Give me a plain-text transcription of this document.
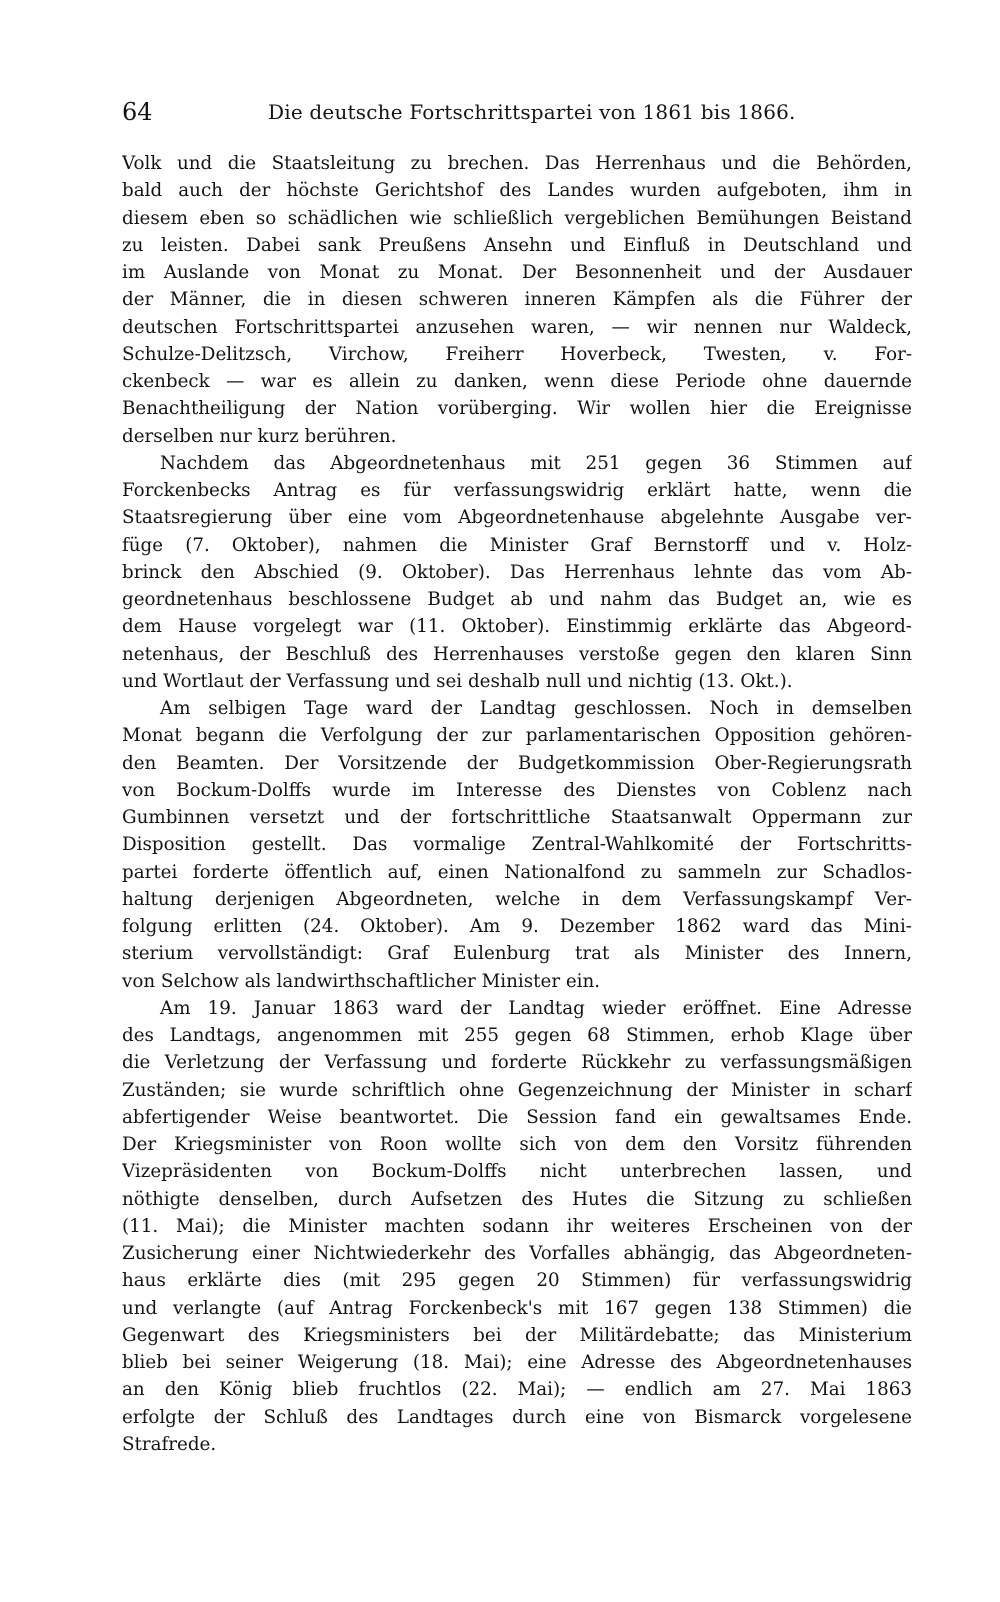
64	Die deutsche Fortschrittspartei von 1861 bis 1866.
Volk und die Staatsleitung zu brechen. Das Herrenhaus und die Behörden,
bald auch der höchste Gerichtshof des Landes wurden aufgeboten, ihm in
diesem eben so schädlichen wie schließlich vergeblichen Bemühungen Beistand
zu leisten. Dabei sank Preußens Ansehn und Einfluß in Deutschland und
im Auslande von Monat zu Monat. Der Besonnenheit und der Ausdauer
der Männer, die in diesen schweren inneren Kämpfen als die Führer der
deutschen Fortschrittspartei anzusehen waren, — wir nennen nur Waldeck,
Schulze-Delitzsch, Virchow, Freiherr Hoverbeck, Twesten, v. For-
ckenbeck — war es allein zu danken, wenn diese Periode ohne dauernde
Benachtheiligung der Nation vorüberging. Wir wollen hier die Ereignisse
derselben nur kurz berühren.
Nachdem das Abgeordnetenhaus mit 251 gegen 36 Stimmen auf
Forckenbecks Antrag es für verfassungswidrig erklärt hatte, wenn die
Staatsregierung über eine vom Abgeordnetenhause abgelehnte Ausgabe ver-
füge (7. Oktober), nahmen die Minister Graf Bernstorff und v. Holz-
brinck den Abschied (9. Oktober). Das Herrenhaus lehnte das vom Ab-
geordnetenhaus beschlossene Budget ab und nahm das Budget an, wie es
dem Hause vorgelegt war (11. Oktober). Einstimmig erklärte das Abgeord-
netenhaus, der Beschluß des Herrenhauses verstoße gegen den klaren Sinn
und Wortlaut der Verfassung und sei deshalb null und nichtig (13. Okt.).
Am selbigen Tage ward der Landtag geschlossen. Noch in demselben
Monat begann die Verfolgung der zur parlamentarischen Opposition gehören-
den Beamten. Der Vorsitzende der Budgetkommission Ober-Regierungsrath
von Bockum-Dolffs wurde im Interesse des Dienstes von Coblenz nach
Gumbinnen versetzt und der fortschrittliche Staatsanwalt Oppermann zur
Disposition gestellt. Das vormalige Zentral-Wahlkomité der Fortschritts-
partei forderte öffentlich auf, einen Nationalfond zu sammeln zur Schadlos-
haltung derjenigen Abgeordneten, welche in dem Verfassungskampf Ver-
folgung erlitten (24. Oktober). Am 9. Dezember 1862 ward das Mini-
sterium vervollständigt: Graf Eulenburg trat als Minister des Innern,
von Selchow als landwirthschaftlicher Minister ein.
Am 19. Januar 1863 ward der Landtag wieder eröffnet. Eine Adresse
des Landtags, angenommen mit 255 gegen 68 Stimmen, erhob Klage über
die Verletzung der Verfassung und forderte Rückkehr zu verfassungsmäßigen
Zuständen; sie wurde schriftlich ohne Gegenzeichnung der Minister in scharf
abfertigender Weise beantwortet. Die Session fand ein gewaltsames Ende.
Der Kriegsminister von Roon wollte sich von dem den Vorsitz führenden
Vizepräsidenten von Bockum-Dolffs nicht unterbrechen lassen, und
nöthigte denselben, durch Aufsetzen des Hutes die Sitzung zu schließen
(11. Mai); die Minister machten sodann ihr weiteres Erscheinen von der
Zusicherung einer Nichtwiederkehr des Vorfalles abhängig, das Abgeordneten-
haus erklärte dies (mit 295 gegen 20 Stimmen) für verfassungswidrig
und verlangte (auf Antrag Forckenbeck's mit 167 gegen 138 Stimmen) die
Gegenwart des Kriegsministers bei der Militärdebatte; das Ministerium
blieb bei seiner Weigerung (18. Mai); eine Adresse des Abgeordnetenhauses
an den König blieb fruchtlos (22. Mai); — endlich am 27. Mai 1863
erfolgte der Schluß des Landtages durch eine von Bismarck vorgelesene
Strafrede.
